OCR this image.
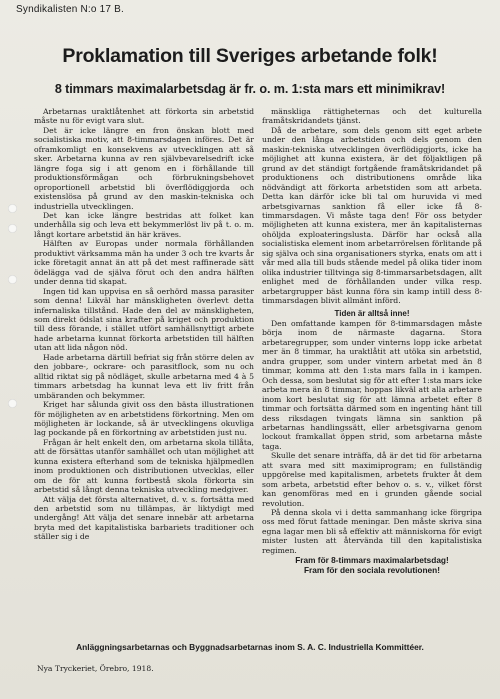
Syndikalisten N:o 17 B.
Proklamation till Sveriges arbetande folk!
8 timmars maximalarbetsdag är fr. o. m. 1:sta mars ett minimikrav!

Arbetarnas uraktlåtenhet att förkorta sin arbetstid måste nu för evigt vara slut.

Det är icke längre en fron önskan blott med socialistiska motiv, att 8-timmarsdagen införes. Det är oframkomligt en konsekvens av utvecklingen att så sker. Arbetarna kunna av ren självbevarelsedrift icke längre foga sig i att genom en i förhållande till produktionsförmågan och förbrukningsbehovet oproportionell arbetstid bli överflödiggjorda och existenslösa på grund av den maskin-tekniska och industriella utvecklingen.

Det kan icke längre bestridas att folket kan underhålla sig och leva ett bekymmerlöst liv på t. o. m. långt kortare arbetstid än här kräves.

Hälften av Europas under normala förhållanden produktivt värksamma män ha under 3 och tre kvarts år icke företagit annat än att på det mest raffinerade sätt ödelägga vad de själva förut och den andra hälften under denna tid skapat.

Ingen tid kan uppvisa en så oerhörd massa parasiter som denna! Likväl har mänskligheten överlevt detta infernaliska tillstånd. Hade den del av mänskligheten, som direkt ödslat sina krafter på kriget och produktion till dess förande, i stället utfört samhällsnyttigt arbete hade arbetarna kunnat förkorta arbetstiden till hälften utan att lida någon nöd.

Hade arbetarna därtill befriat sig från större delen av den jobbare-, ockrare- och parasitflock, som nu och alltid riktat sig på nödläget, skulle arbetarna med 4 à 5 timmars arbetsdag ha kunnat leva ett liv fritt från umbäranden och bekymmer.

Kriget har sålunda givit oss den bästa illustrationen för möjligheten av en arbetstidens förkortning. Men om möjligheten är lockande, så är utvecklingens okuvliga lag pockande på en förkortning av arbetstiden just nu.

Frågan är helt enkelt den, om arbetarna skola tillåta, att de försättas utanför samhället och utan möjlighet att kunna existera efterhand som de tekniska hjälpmedlen inom produktionen och distributionen utvecklas, eller om de för att kunna fortbestå skola förkorta sin arbetstid så långt denna tekniska utveckling medgiver.

Att välja det första alternativet, d. v. s. fortsätta med den arbetstid som nu tillämpas, är liktydigt med undergång! Att välja det senare innebär att arbetarna bryta med det kapitalistiska barbariets traditioner och ställer sig i de

mänskliga rättigheternas och det kulturella framåtskridandets tjänst.

Då de arbetare, som dels genom sitt eget arbete under den långa arbetstiden och dels genom den maskin-tekniska utvecklingen överflödiggjorts, icke ha möjlighet att kunna existera, är det följaktligen på grund av det ständigt fortgående framåtskridandet på produktionens och distributionens område lika nödvändigt att förkorta arbetstiden som att arbeta. Detta kan därför icke bli tal om huruvida vi med arbetsgivarnas sanktion få eller icke få 8-timmarsdagen. Vi måste taga den! För oss betyder möjligheten att kunna existera, mer än kapitalisternas ohöljda exploateringslusta. Därför har också alla socialistiska element inom arbetarrörelsen förlitande på sig själva och sina organisationers styrka, enats om att i vår med alla till buds stående medel på olika tider inom olika industrier tilltvinga sig 8-timmarsarbetsdagen, allt enlighet med de förhållanden under vilka resp. arbetargrupper bäst kunna föra sin kamp intill dess 8-timmarsdagen blivit allmänt införd.

Tiden är alltså inne!

Den omfattande kampen för 8-timmarsdagen måste börja inom de närmaste dagarna. Stora arbetaregrupper, som under vinterns lopp icke arbetat mer än 8 timmar, ha uraktlåtit att utöka sin arbetstid, andra grupper, som under vintern arbetat med än 8 timmar, komma att den 1:sta mars falla in i kampen. Och dessa, som beslutat sig för att efter 1:sta mars icke arbeta mera än 8 timmar, hoppas likväl att alla arbetare inom kort beslutat sig för att lämna arbetet efter 8 timmar och fortsätta därmed som en ingenting hänt till dess riksdagen tvingats lämna sin sanktion på arbetarnas handlingssätt, eller arbetsgivarna genom lockout framkallat öppen strid, som arbetarna måste taga.

Skulle det senare inträffa, då är det tid för arbetarna att svara med sitt maximiprogram; en fullständig uppgörelse med kapitalismen, arbetets frukter åt dem som arbeta, arbetstid efter behov o. s. v., vilket först kan genomföras med en i grunden gående social revolution.

På denna skola vi i detta sammanhang icke förgripa oss med förut fattade meningar. Den måste skriva sina egna lagar men bli så effektiv att människorna för evigt mister lusten att återvända till den kapitalistiska regimen.

Fram för 8-timmars maximalarbetsdag!

Fram för den sociala revolutionen!

Anläggningsarbetarnas och Byggnadsarbetarnas inom S. A. C. Industriella Kommittéer.
Nya Tryckeriet, Örebro, 1918.
